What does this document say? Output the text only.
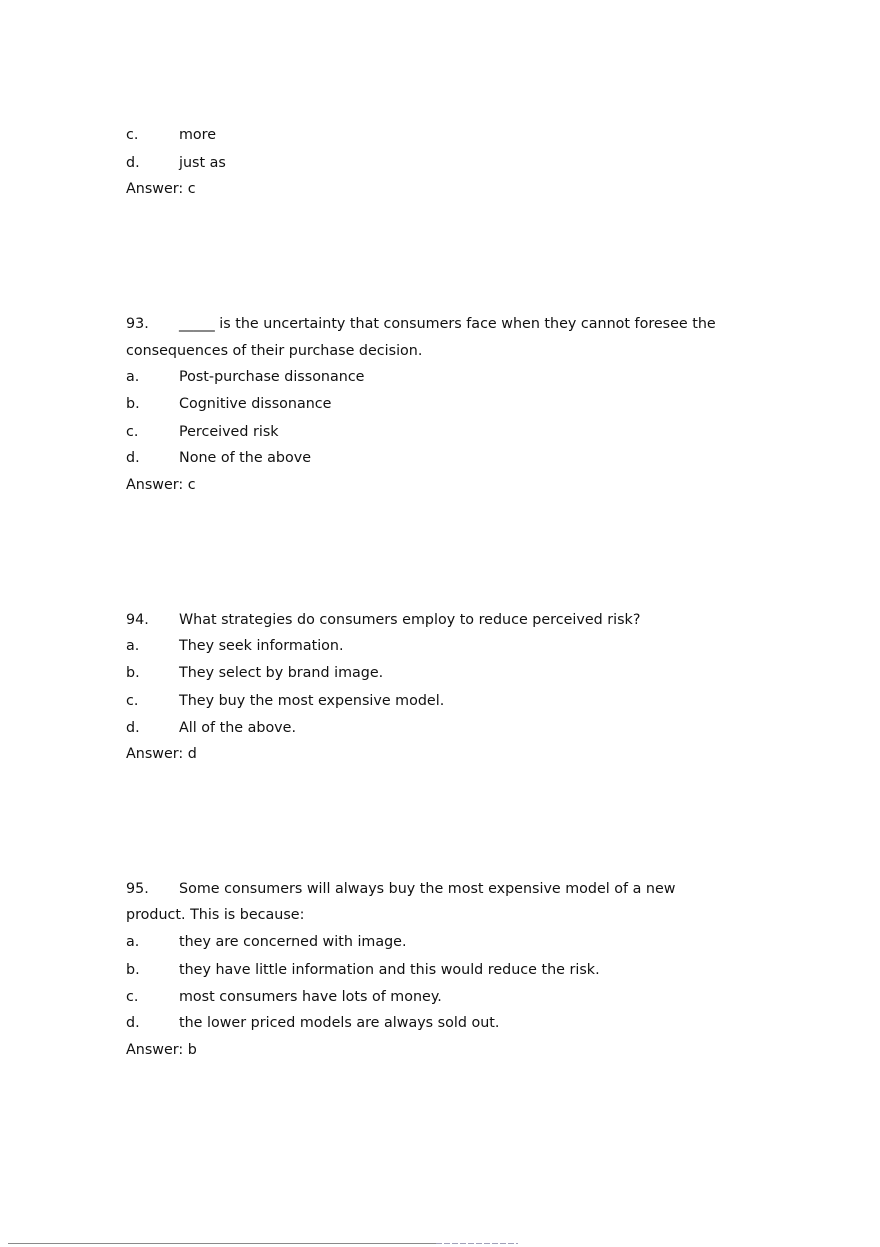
c.	more
d.	just as
Answer: c
93. _____ is the uncertainty that consumers face when they cannot foresee the
consequences of their purchase decision.
a.	Post-purchase dissonance
b.	Cognitive dissonance
c.	Perceived risk
d.	None of the above
Answer: c
94. What strategies do consumers employ to reduce perceived risk?
a.	They seek information.
b.	They select by brand image.
c.	They buy the most expensive model.
d.	All of the above.
Answer: d
95. Some consumers will always buy the most expensive model of a new
product. This is because:
a.	they are concerned with image.
b.	they have little information and this would reduce the risk.
c.	most consumers have lots of money.
d.	the lower priced models are always sold out.
Answer: b
